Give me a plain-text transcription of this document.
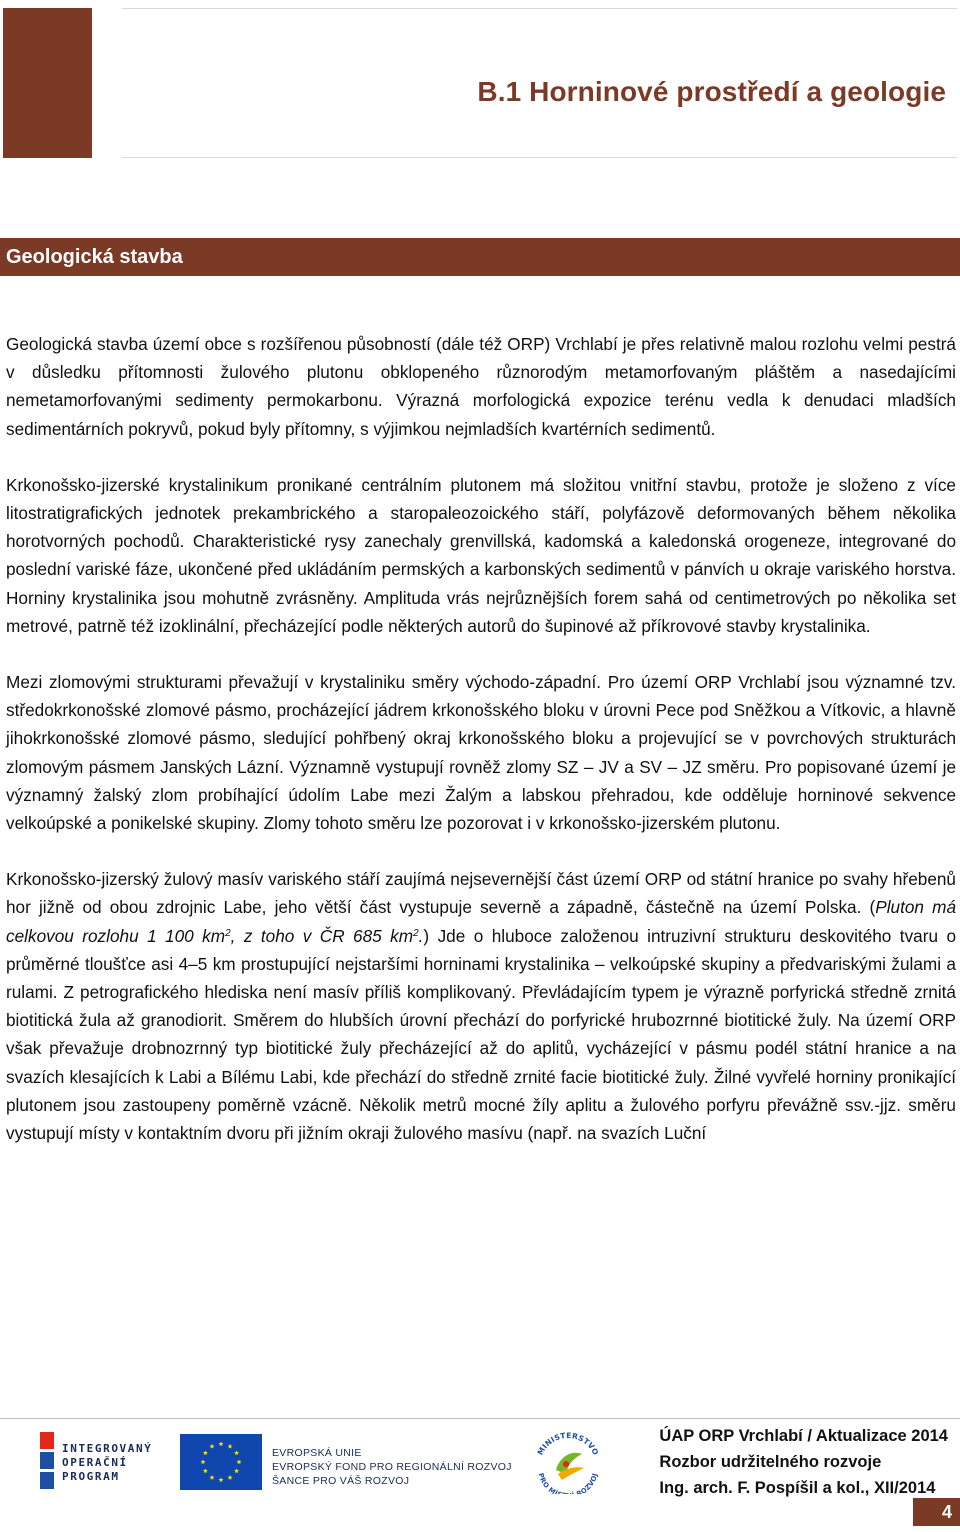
B.1 Horninové prostředí a geologie
Geologická stavba

Geologická stavba území obce s rozšířenou působností (dále též ORP) Vrchlabí je přes relativně malou rozlohu velmi pestrá v důsledku přítomnosti žulového plutonu obklopeného různorodým metamorfovaným pláštěm a nasedajícími nemetamorfovanými sedimenty permokarbonu. Výrazná morfologická expozice terénu vedla k denudaci mladších sedimentárních pokryvů, pokud byly přítomny, s výjimkou nejmladších kvartérních sedimentů.

Krkonošsko-jizerské krystalinikum pronikané centrálním plutonem má složitou vnitřní stavbu, protože je složeno z více litostratigrafických jednotek prekambrického a staropaleozoického stáří, polyfázově deformovaných během několika horotvorných pochodů. Charakteristické rysy zanechaly grenvillská, kadomská a kaledonská orogeneze, integrované do poslední variské fáze, ukončené před ukládáním permských a karbonských sedimentů v pánvích u okraje variského horstva. Horniny krystalinika jsou mohutně zvrásněny. Amplituda vrás nejrůznějších forem sahá od centimetrových po několika set metrové, patrně též izoklinální, přecházející podle některých autorů do šupinové až příkrovové stavby krystalinika.

Mezi zlomovými strukturami převažují v krystaliniku směry východo-západní. Pro území ORP Vrchlabí jsou významné tzv. středokrkonošské zlomové pásmo, procházející jádrem krkonošského bloku v úrovni Pece pod Sněžkou a Vítkovic, a hlavně jihokrkonošské zlomové pásmo, sledující pohřbený okraj krkonošského bloku a projevující se v povrchových strukturách zlomovým pásmem Janských Lázní. Významně vystupují rovněž zlomy SZ – JV a SV – JZ směru. Pro popisované území je významný žalský zlom probíhající údolím Labe mezi Žalým a labskou přehradou, kde odděluje horninové sekvence velkoúpské a ponikelské skupiny. Zlomy tohoto směru lze pozorovat i v krkonošsko-jizerském plutonu.

Krkonošsko-jizerský žulový masív variského stáří zaujímá nejsevernější část území ORP od státní hranice po svahy hřebenů hor jižně od obou zdrojnic Labe, jeho větší část vystupuje severně a západně, částečně na území Polska. (Pluton má celkovou rozlohu 1 100 $km^2$, z toho v ČR 685 $km^2$.) Jde o hluboce založenou intruzivní strukturu deskovitého tvaru o průměrné tloušťce asi 4–5 km prostupující nejstaršími horninami krystalinika – velkoúpské skupiny a předvariskými žulami a rulami. Z petrografického hlediska není masív příliš komplikovaný. Převládajícím typem je výrazně porfyrická středně zrnitá biotitická žula až granodiorit. Směrem do hlubších úrovní přechází do porfyrické hrubozrnné biotitické žuly. Na území ORP však převažuje drobnozrnný typ biotitické žuly přecházející až do aplitů, vycházející v pásmu podél státní hranice a na svazích klesajících k Labi a Bílému Labi, kde přechází do středně zrnité facie biotitické žuly. Žilné vyvřelé horniny pronikající plutonem jsou zastoupeny poměrně vzácně. Několik metrů mocné žíly aplitu a žulového porfyru převážně ssv.-jjz. směru vystupují místy v kontaktním dvoru při jižním okraji žulového masívu (např. na svazích Luční

INTEGROVANÝ
OPERAČNÍ
PROGRAM
EVROPSKÁ UNIE
EVROPSKÝ FOND PRO REGIONÁLNÍ ROZVOJ
ŠANCE PRO VÁŠ ROZVOJ
MINISTERSTVO
PRO MÍ ROZVOJ
ÚAP ORP Vrchlabí / Aktualizace 2014
Rozbor udržitelného rozvoje
Ing. arch. F. Pospíšil a kol., XII/2014
4
